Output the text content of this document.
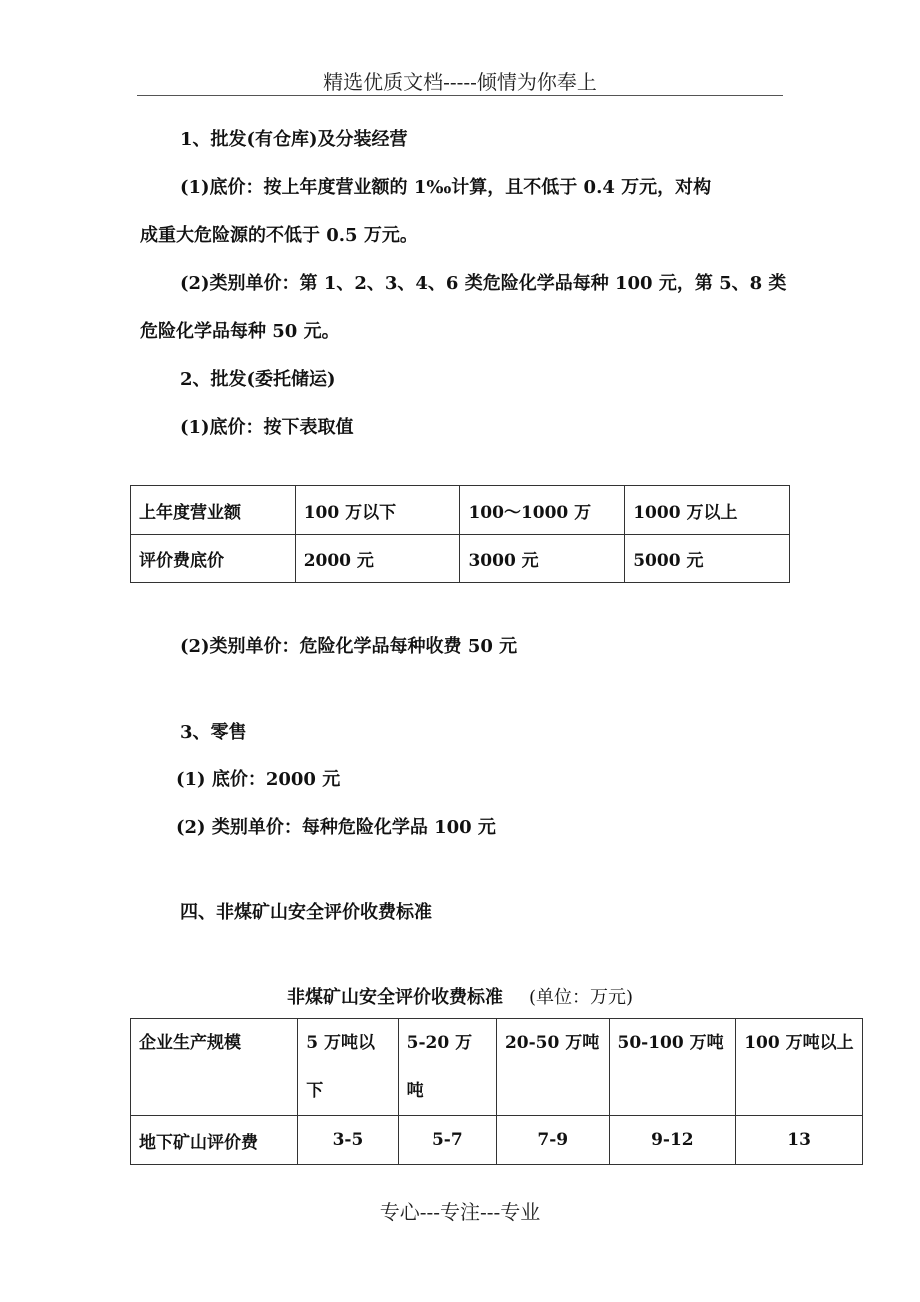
精选优质文档-----倾情为你奉上
1、批发(有仓库)及分装经营
(1)底价：按上年度营业额的 1‰计算，且不低于 0.4 万元，对构
成重大危险源的不低于 0.5 万元。
(2)类别单价：第 1、2、3、4、6 类危险化学品每种 100 元，第 5、8 类
危险化学品每种 50 元。
2、批发(委托储运)
(1)底价：按下表取值
上年度营业额	100 万以下	100～1000 万	1000 万以上
评价费底价	2000 元	3000 元	5000 元
(2)类别单价：危险化学品每种收费 50 元
3、零售
(1) 底价：2000 元
(2) 类别单价：每种危险化学品 100 元
四、非煤矿山安全评价收费标准
非煤矿山安全评价收费标准 (单位：万元)
企业生产规模	5 万吨以下	5-20 万吨	20-50 万吨	50-100 万吨	100 万吨以上
地下矿山评价费	3-5	5-7	7-9	9-12	13
专心---专注---专业
